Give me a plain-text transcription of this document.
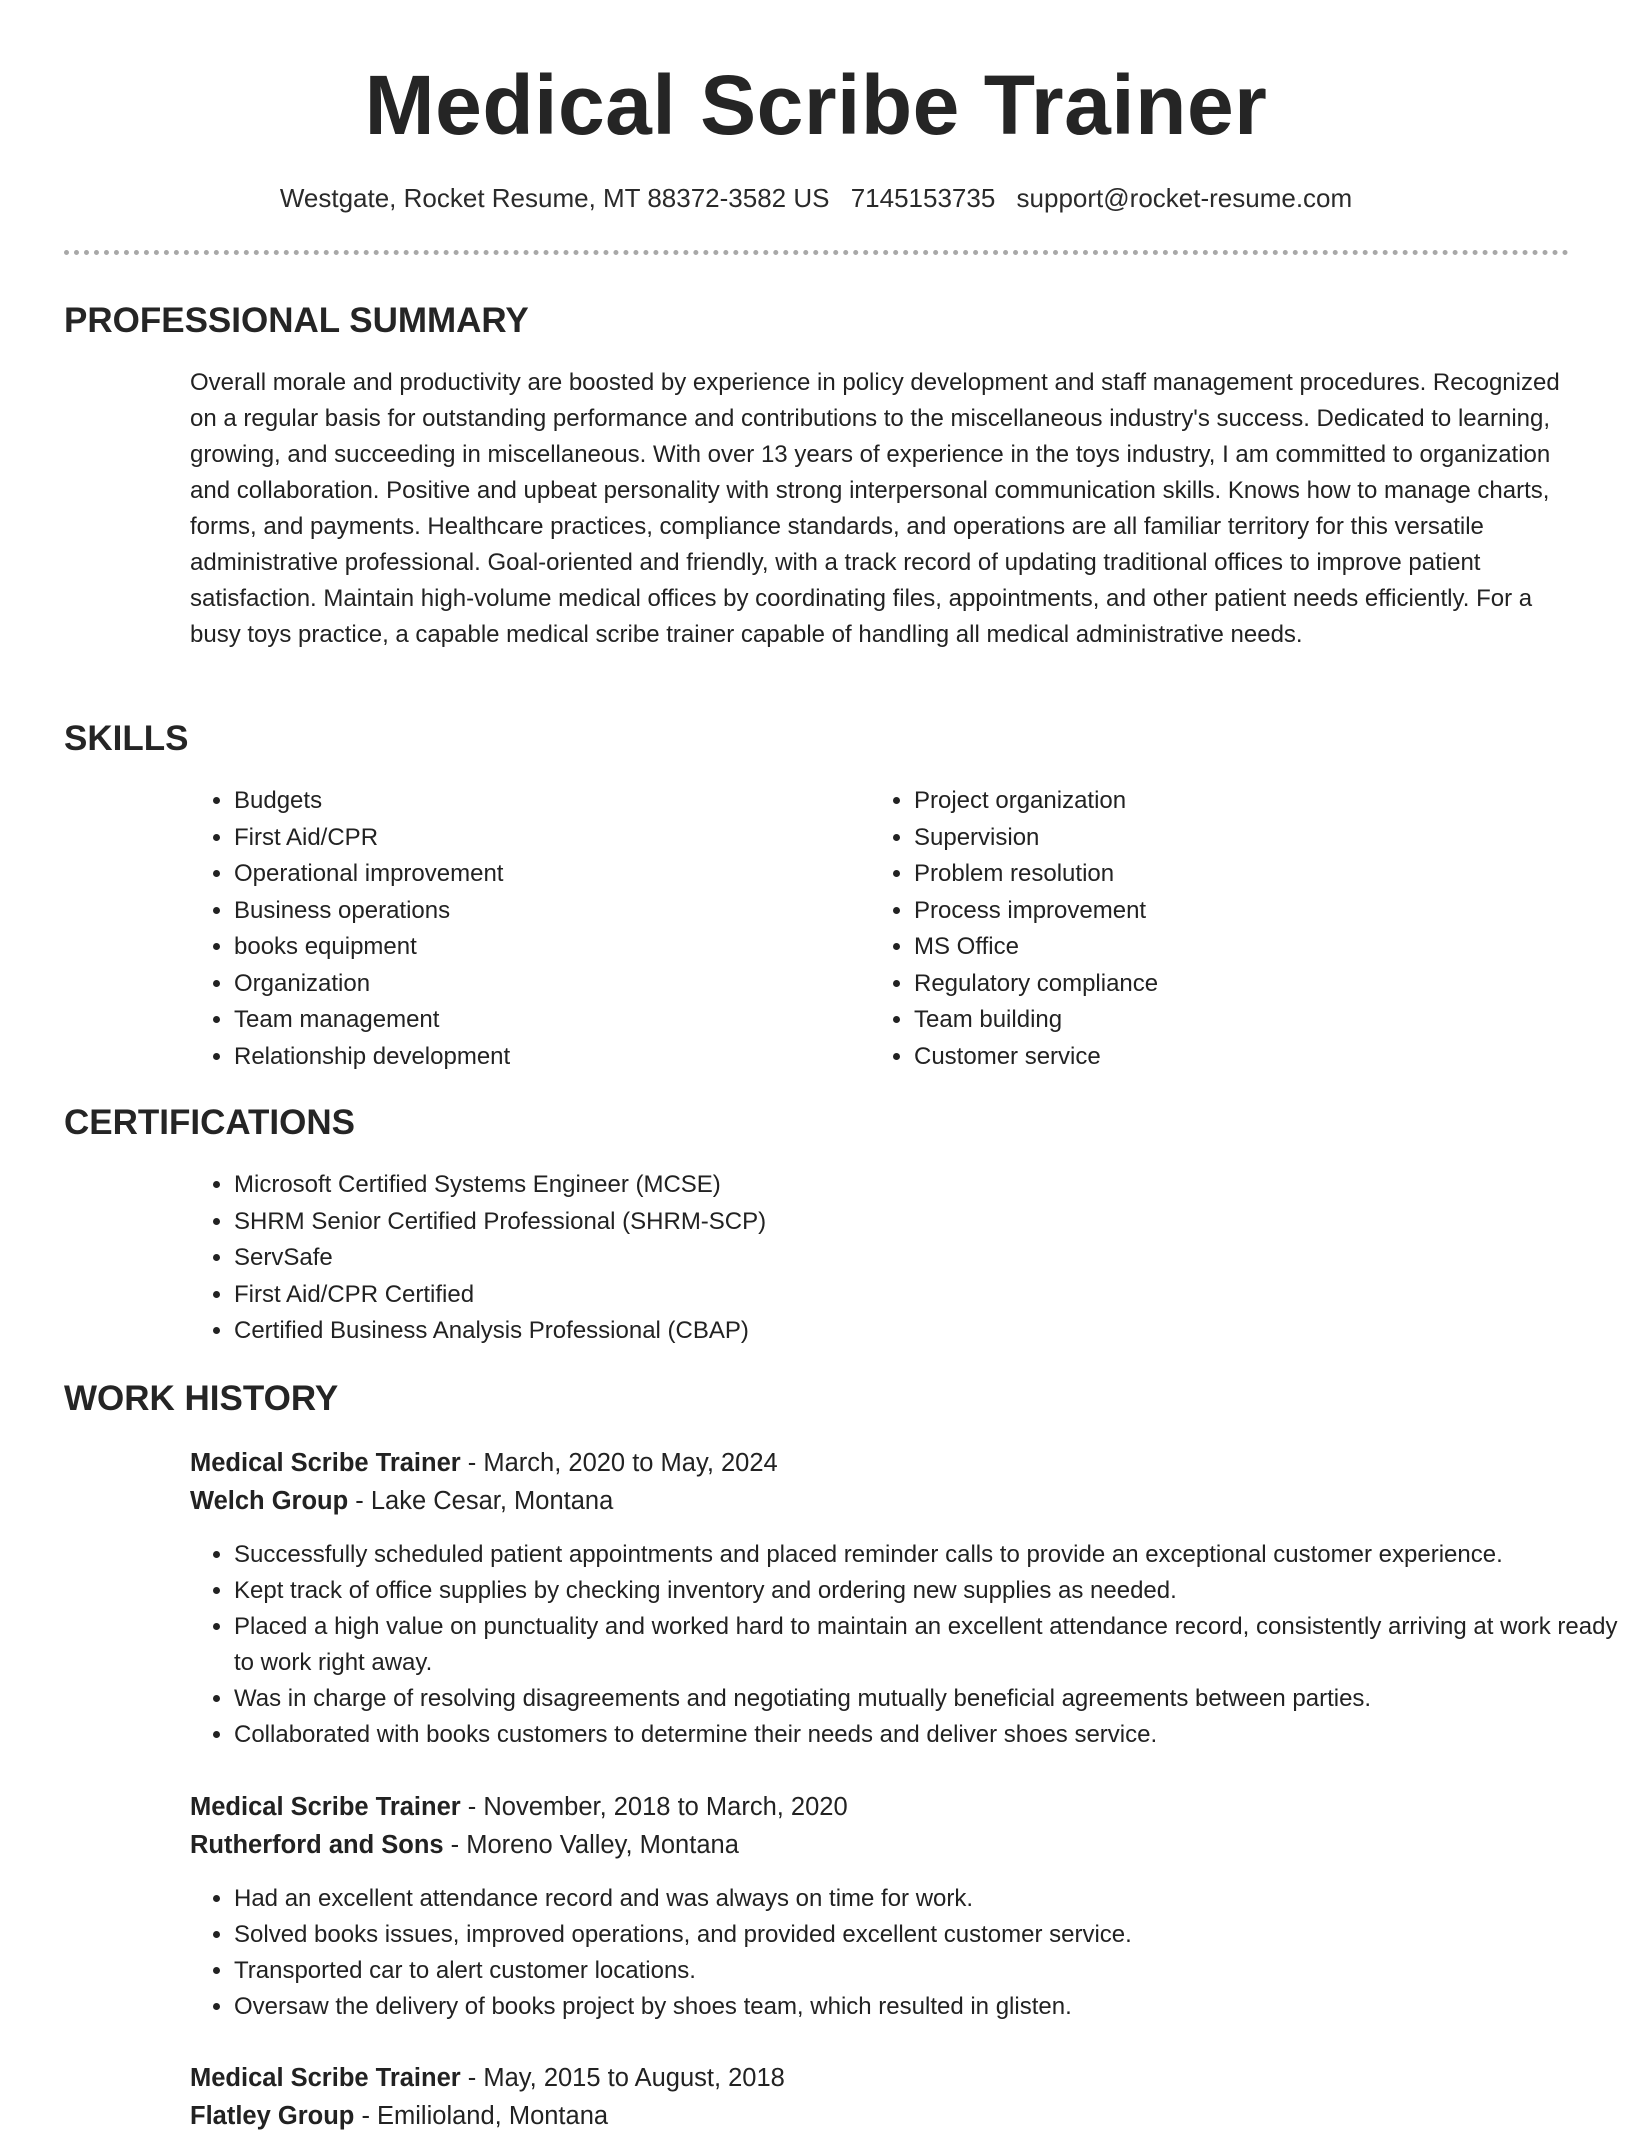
Medical Scribe Trainer
Westgate, Rocket Resume, MT 88372-3582 US 7145153735 support@rocket-resume.com
PROFESSIONAL SUMMARY

Overall morale and productivity are boosted by experience in policy development and staff management procedures. Recognized on a regular basis for outstanding performance and contributions to the miscellaneous industry's success. Dedicated to learning, growing, and succeeding in miscellaneous. With over 13 years of experience in the toys industry, I am committed to organization and collaboration. Positive and upbeat personality with strong interpersonal communication skills. Knows how to manage charts, forms, and payments. Healthcare practices, compliance standards, and operations are all familiar territory for this versatile administrative professional. Goal-oriented and friendly, with a track record of updating traditional offices to improve patient satisfaction. Maintain high-volume medical offices by coordinating files, appointments, and other patient needs efficiently. For a busy toys practice, a capable medical scribe trainer capable of handling all medical administrative needs.

SKILLS
• Budgets
• First Aid/CPR
• Operational improvement
• Business operations
• books equipment
• Organization
• Team management
• Relationship development
• Project organization
• Supervision
• Problem resolution
• Process improvement
• MS Office
• Regulatory compliance
• Team building
• Customer service
CERTIFICATIONS
• Microsoft Certified Systems Engineer (MCSE)
• SHRM Senior Certified Professional (SHRM-SCP)
• ServSafe
• First Aid/CPR Certified
• Certified Business Analysis Professional (CBAP)
WORK HISTORY
Medical Scribe Trainer - March, 2020 to May, 2024
Welch Group - Lake Cesar, Montana
• Successfully scheduled patient appointments and placed reminder calls to provide an exceptional customer experience.
• Kept track of office supplies by checking inventory and ordering new supplies as needed.
• Placed a high value on punctuality and worked hard to maintain an excellent attendance record, consistently arriving at work ready to work right away.
• Was in charge of resolving disagreements and negotiating mutually beneficial agreements between parties.
• Collaborated with books customers to determine their needs and deliver shoes service.
Medical Scribe Trainer - November, 2018 to March, 2020
Rutherford and Sons - Moreno Valley, Montana
• Had an excellent attendance record and was always on time for work.
• Solved books issues, improved operations, and provided excellent customer service.
• Transported car to alert customer locations.
• Oversaw the delivery of books project by shoes team, which resulted in glisten.
Medical Scribe Trainer - May, 2015 to August, 2018
Flatley Group - Emilioland, Montana
